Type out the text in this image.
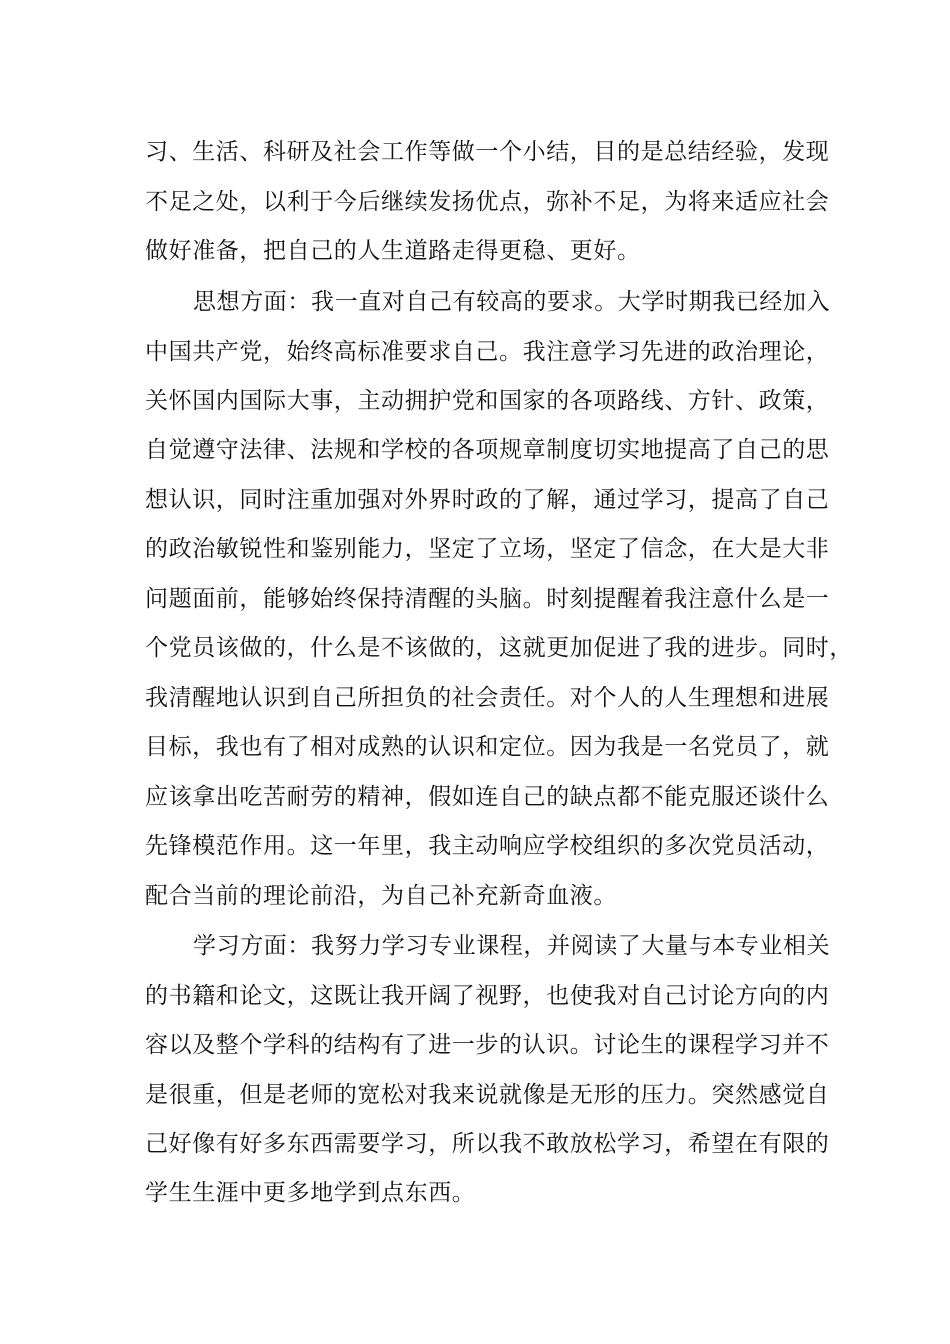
习、生活、科研及社会工作等做一个小结，目的是总结经验，发现
不足之处，以利于今后继续发扬优点，弥补不足，为将来适应社会
做好准备，把自己的人生道路走得更稳、更好。
思想方面：我一直对自己有较高的要求。大学时期我已经加入
中国共产党，始终高标准要求自己。我注意学习先进的政治理论，
关怀国内国际大事，主动拥护党和国家的各项路线、方针、政策，
自觉遵守法律、法规和学校的各项规章制度切实地提高了自己的思
想认识，同时注重加强对外界时政的了解，通过学习，提高了自己
的政治敏锐性和鉴别能力，坚定了立场，坚定了信念，在大是大非
问题面前，能够始终保持清醒的头脑。时刻提醒着我注意什么是一
个党员该做的，什么是不该做的，这就更加促进了我的进步。同时，
我清醒地认识到自己所担负的社会责任。对个人的人生理想和进展
目标，我也有了相对成熟的认识和定位。因为我是一名党员了，就
应该拿出吃苦耐劳的精神，假如连自己的缺点都不能克服还谈什么
先锋模范作用。这一年里，我主动响应学校组织的多次党员活动，
配合当前的理论前沿，为自己补充新奇血液。
学习方面：我努力学习专业课程，并阅读了大量与本专业相关
的书籍和论文，这既让我开阔了视野，也使我对自己讨论方向的内
容以及整个学科的结构有了进一步的认识。讨论生的课程学习并不
是很重，但是老师的宽松对我来说就像是无形的压力。突然感觉自
己好像有好多东西需要学习，所以我不敢放松学习，希望在有限的
学生生涯中更多地学到点东西。
